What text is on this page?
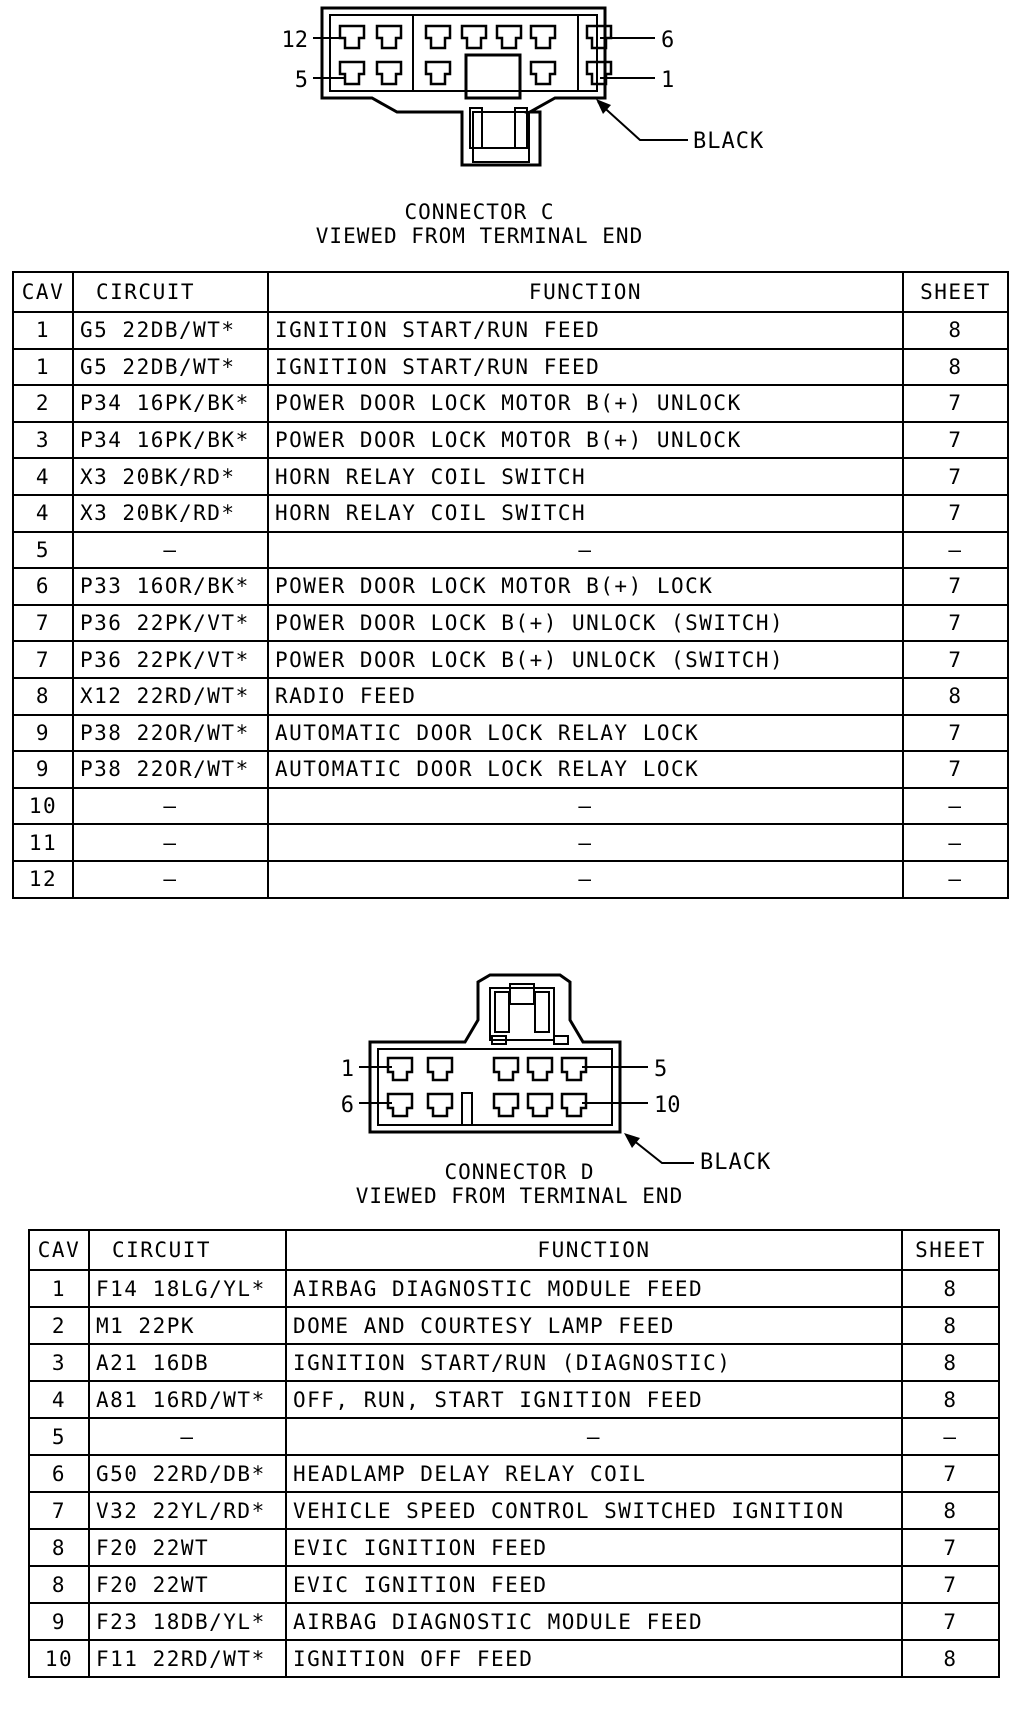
12
5
6
1
BLACK
CONNECTOR C
VIEWED FROM TERMINAL END
CAV	CIRCUIT	FUNCTION	SHEET
1	G5 22DB/WT*	IGNITION START/RUN FEED	8
1	G5 22DB/WT*	IGNITION START/RUN FEED	8
2	P34 16PK/BK*	POWER DOOR LOCK MOTOR B(+) UNLOCK	7
3	P34 16PK/BK*	POWER DOOR LOCK MOTOR B(+) UNLOCK	7
4	X3 20BK/RD*	HORN RELAY COIL SWITCH	7
4	X3 20BK/RD*	HORN RELAY COIL SWITCH	7
5	—	—	—
6	P33 16OR/BK*	POWER DOOR LOCK MOTOR B(+) LOCK	7
7	P36 22PK/VT*	POWER DOOR LOCK B(+) UNLOCK (SWITCH)	7
7	P36 22PK/VT*	POWER DOOR LOCK B(+) UNLOCK (SWITCH)	7
8	X12 22RD/WT*	RADIO FEED	8
9	P38 22OR/WT*	AUTOMATIC DOOR LOCK RELAY LOCK	7
9	P38 22OR/WT*	AUTOMATIC DOOR LOCK RELAY LOCK	7
10	—	—	—
11	—	—	—
12	—	—	—
1
6
5
10
BLACK
CONNECTOR D
VIEWED FROM TERMINAL END
CAV	CIRCUIT	FUNCTION	SHEET
1	F14 18LG/YL*	AIRBAG DIAGNOSTIC MODULE FEED	8
2	M1 22PK	DOME AND COURTESY LAMP FEED	8
3	A21 16DB	IGNITION START/RUN (DIAGNOSTIC)	8
4	A81 16RD/WT*	OFF, RUN, START IGNITION FEED	8
5	—	—	—
6	G50 22RD/DB*	HEADLAMP DELAY RELAY COIL	7
7	V32 22YL/RD*	VEHICLE SPEED CONTROL SWITCHED IGNITION	8
8	F20 22WT	EVIC IGNITION FEED	7
8	F20 22WT	EVIC IGNITION FEED	7
9	F23 18DB/YL*	AIRBAG DIAGNOSTIC MODULE FEED	7
10	F11 22RD/WT*	IGNITION OFF FEED	8
